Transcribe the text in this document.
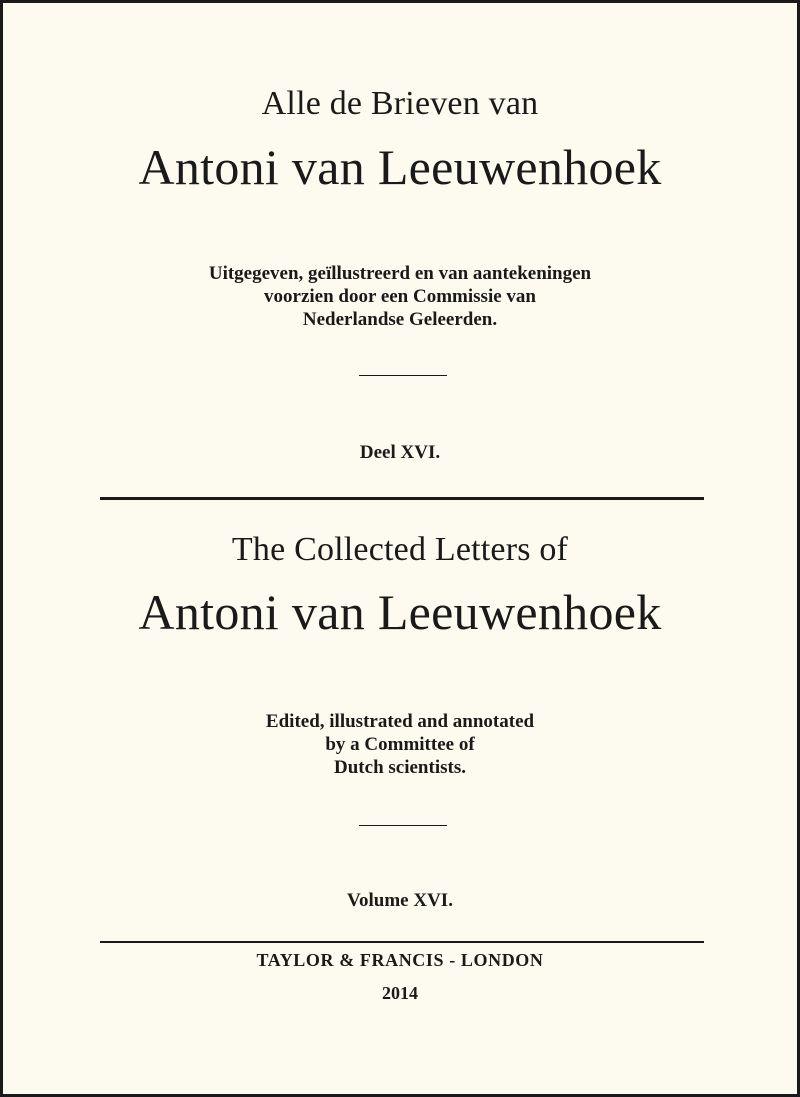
Alle de Brieven van
Antoni van Leeuwenhoek
Uitgegeven, geïllustreerd en van aantekeningen
voorzien door een Commissie van
Nederlandse Geleerden.
Deel XVI.
The Collected Letters of
Antoni van Leeuwenhoek
Edited, illustrated and annotated
by a Committee of
Dutch scientists.
Volume XVI.
TAYLOR & FRANCIS - LONDON
2014
